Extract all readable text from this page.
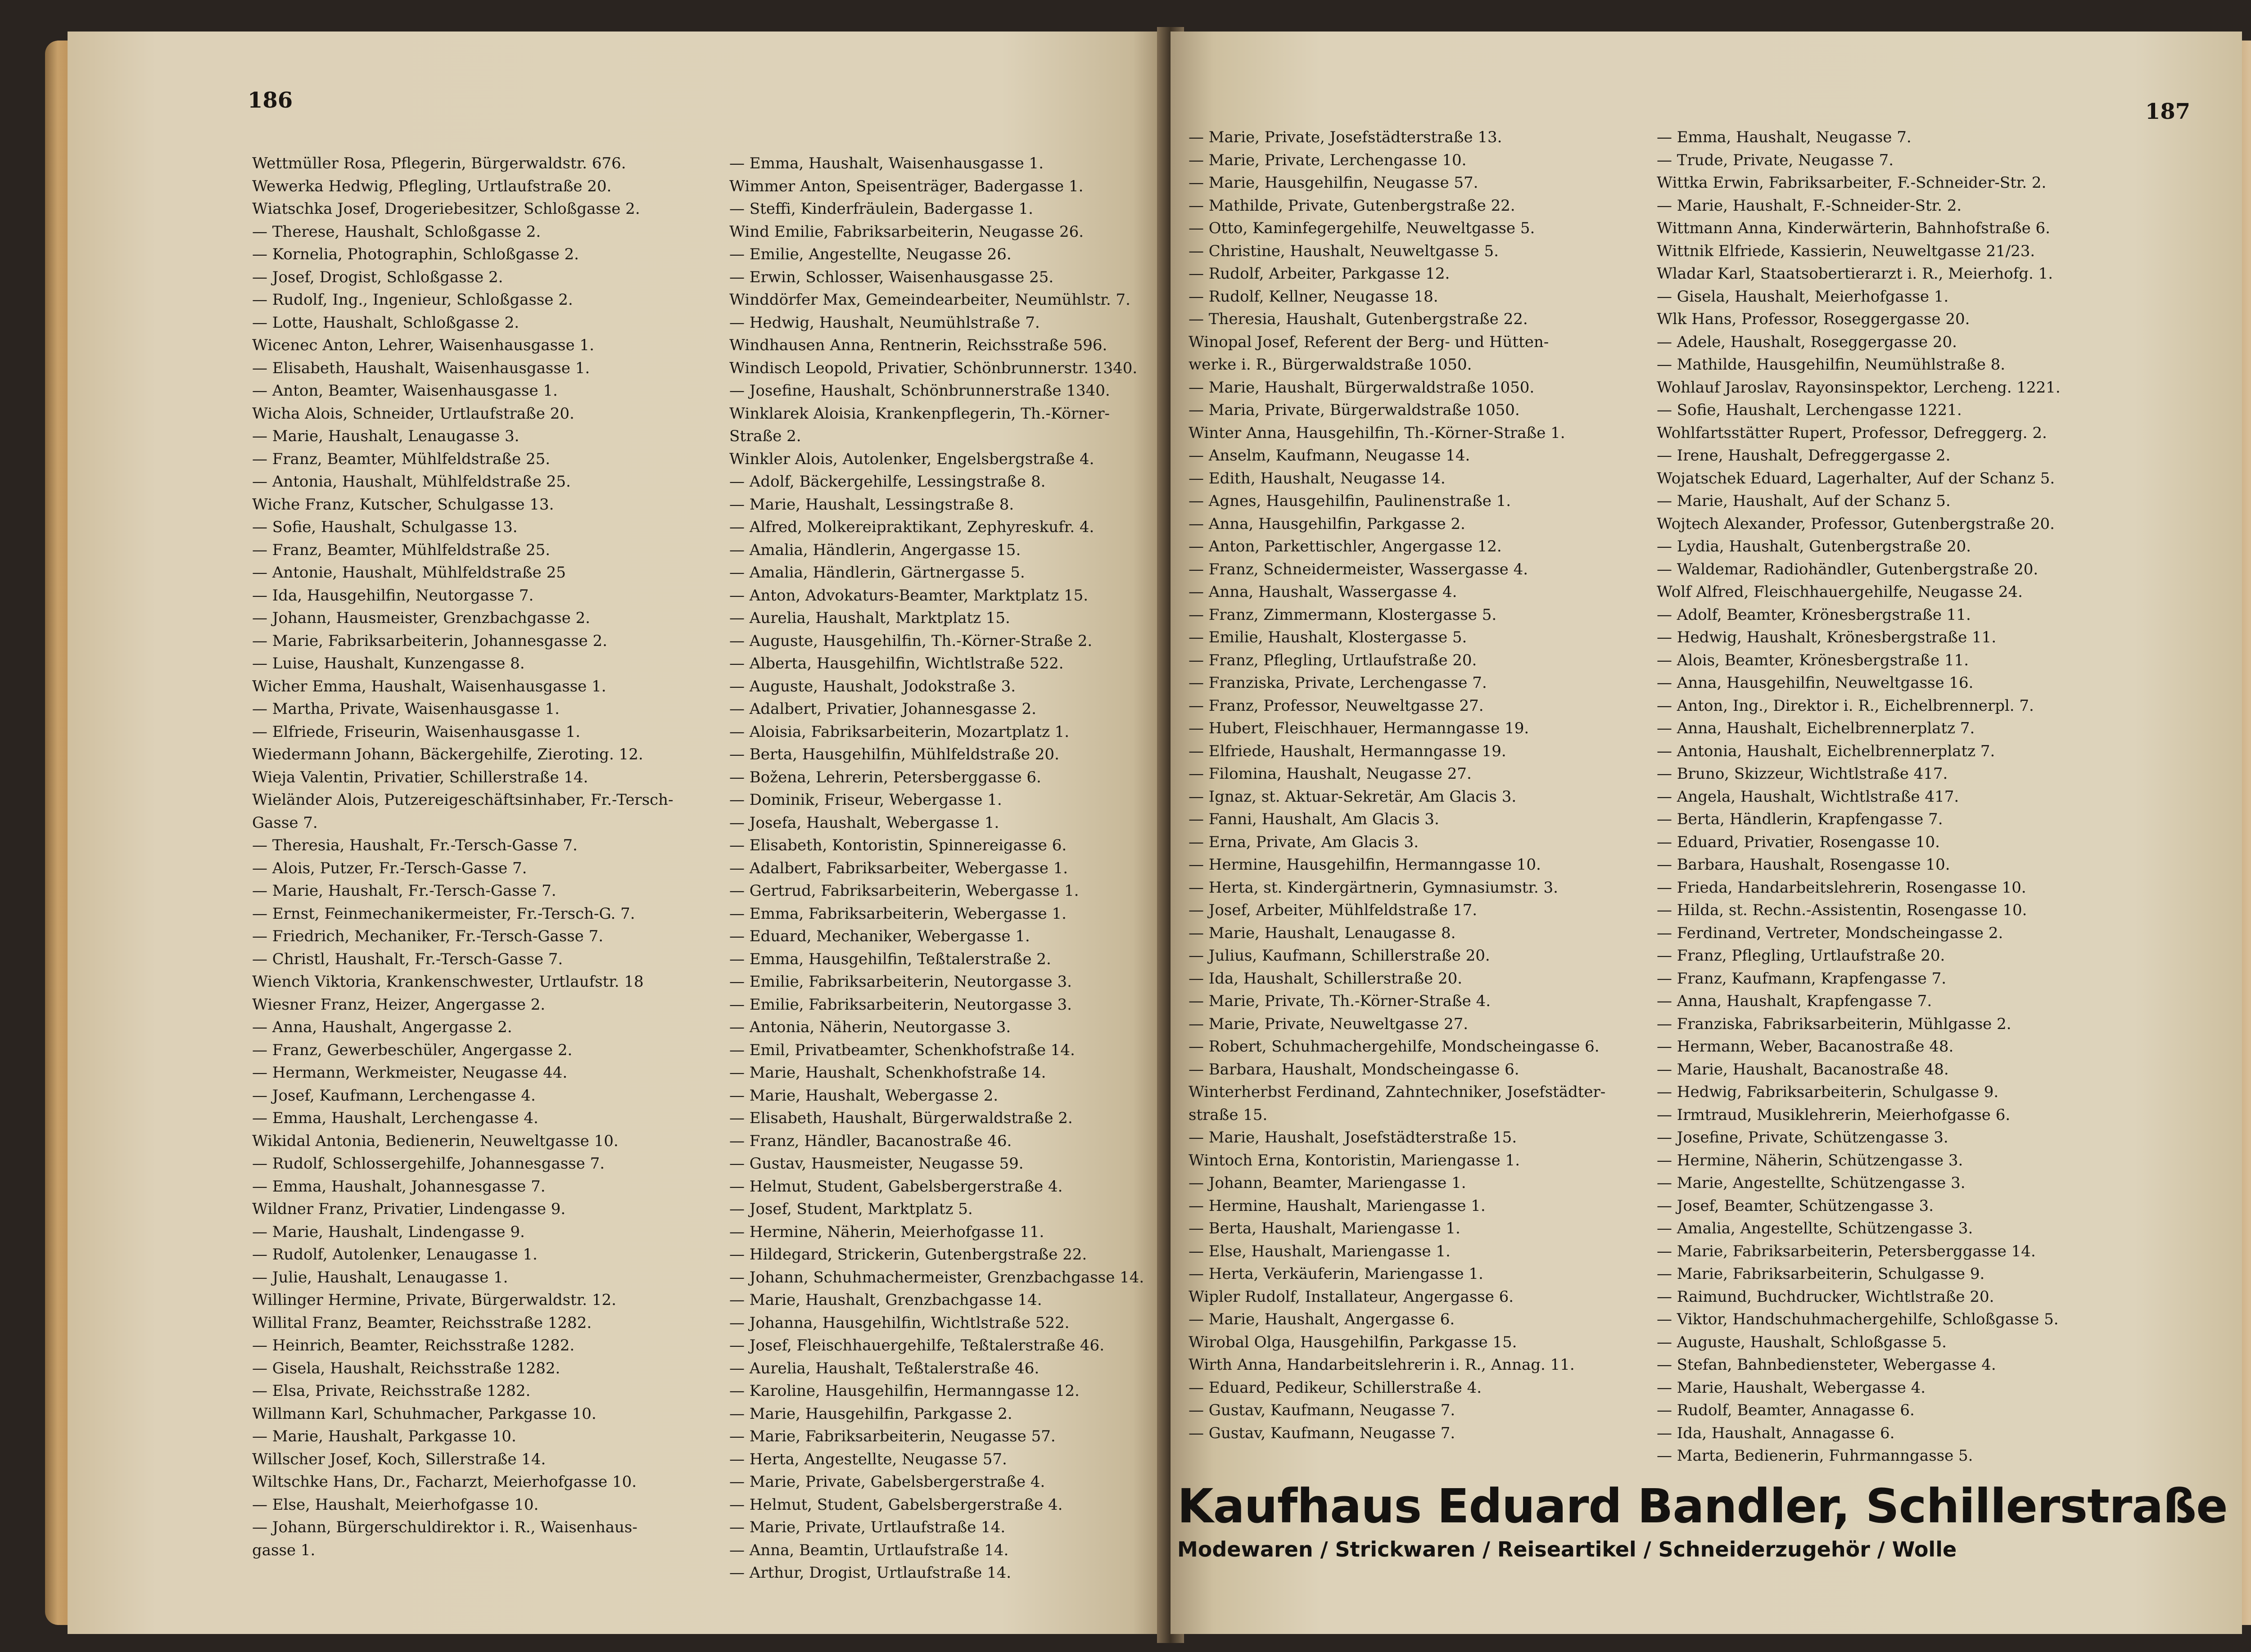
186
Wettmüller Rosa, Pflegerin, Bürgerwaldstr. 676.
Wewerka Hedwig, Pflegling, Urtlaufstraße 20.
Wiatschka Josef, Drogeriebesitzer, Schloßgasse 2.
— Therese, Haushalt, Schloßgasse 2.
— Kornelia, Photographin, Schloßgasse 2.
— Josef, Drogist, Schloßgasse 2.
— Rudolf, Ing., Ingenieur, Schloßgasse 2.
— Lotte, Haushalt, Schloßgasse 2.
Wicenec Anton, Lehrer, Waisenhausgasse 1.
— Elisabeth, Haushalt, Waisenhausgasse 1.
— Anton, Beamter, Waisenhausgasse 1.
Wicha Alois, Schneider, Urtlaufstraße 20.
— Marie, Haushalt, Lenaugasse 3.
— Franz, Beamter, Mühlfeldstraße 25.
— Antonia, Haushalt, Mühlfeldstraße 25.
Wiche Franz, Kutscher, Schulgasse 13.
— Sofie, Haushalt, Schulgasse 13.
— Franz, Beamter, Mühlfeldstraße 25.
— Antonie, Haushalt, Mühlfeldstraße 25
— Ida, Hausgehilfin, Neutorgasse 7.
— Johann, Hausmeister, Grenzbachgasse 2.
— Marie, Fabriksarbeiterin, Johannesgasse 2.
— Luise, Haushalt, Kunzengasse 8.
Wicher Emma, Haushalt, Waisenhausgasse 1.
— Martha, Private, Waisenhausgasse 1.
— Elfriede, Friseurin, Waisenhausgasse 1.
Wiedermann Johann, Bäckergehilfe, Zieroting. 12.
Wieja Valentin, Privatier, Schillerstraße 14.
Wieländer Alois, Putzereigeschäftsinhaber, Fr.-Tersch-
Gasse 7.
— Theresia, Haushalt, Fr.-Tersch-Gasse 7.
— Alois, Putzer, Fr.-Tersch-Gasse 7.
— Marie, Haushalt, Fr.-Tersch-Gasse 7.
— Ernst, Feinmechanikermeister, Fr.-Tersch-G. 7.
— Friedrich, Mechaniker, Fr.-Tersch-Gasse 7.
— Christl, Haushalt, Fr.-Tersch-Gasse 7.
Wiench Viktoria, Krankenschwester, Urtlaufstr. 18
Wiesner Franz, Heizer, Angergasse 2.
— Anna, Haushalt, Angergasse 2.
— Franz, Gewerbeschüler, Angergasse 2.
— Hermann, Werkmeister, Neugasse 44.
— Josef, Kaufmann, Lerchengasse 4.
— Emma, Haushalt, Lerchengasse 4.
Wikidal Antonia, Bedienerin, Neuweltgasse 10.
— Rudolf, Schlossergehilfe, Johannesgasse 7.
— Emma, Haushalt, Johannesgasse 7.
Wildner Franz, Privatier, Lindengasse 9.
— Marie, Haushalt, Lindengasse 9.
— Rudolf, Autolenker, Lenaugasse 1.
— Julie, Haushalt, Lenaugasse 1.
Willinger Hermine, Private, Bürgerwaldstr. 12.
Willital Franz, Beamter, Reichsstraße 1282.
— Heinrich, Beamter, Reichsstraße 1282.
— Gisela, Haushalt, Reichsstraße 1282.
— Elsa, Private, Reichsstraße 1282.
Willmann Karl, Schuhmacher, Parkgasse 10.
— Marie, Haushalt, Parkgasse 10.
Willscher Josef, Koch, Sillerstraße 14.
Wiltschke Hans, Dr., Facharzt, Meierhofgasse 10.
— Else, Haushalt, Meierhofgasse 10.
— Johann, Bürgerschuldirektor i. R., Waisenhaus-
gasse 1.
— Emma, Haushalt, Waisenhausgasse 1.
Wimmer Anton, Speisenträger, Badergasse 1.
— Steffi, Kinderfräulein, Badergasse 1.
Wind Emilie, Fabriksarbeiterin, Neugasse 26.
— Emilie, Angestellte, Neugasse 26.
— Erwin, Schlosser, Waisenhausgasse 25.
Winddörfer Max, Gemeindearbeiter, Neumühlstr. 7.
— Hedwig, Haushalt, Neumühlstraße 7.
Windhausen Anna, Rentnerin, Reichsstraße 596.
Windisch Leopold, Privatier, Schönbrunnerstr. 1340.
— Josefine, Haushalt, Schönbrunnerstraße 1340.
Winklarek Aloisia, Krankenpflegerin, Th.-Körner-
Straße 2.
Winkler Alois, Autolenker, Engelsbergstraße 4.
— Adolf, Bäckergehilfe, Lessingstraße 8.
— Marie, Haushalt, Lessingstraße 8.
— Alfred, Molkereipraktikant, Zephyreskufr. 4.
— Amalia, Händlerin, Angergasse 15.
— Amalia, Händlerin, Gärtnergasse 5.
— Anton, Advokaturs-Beamter, Marktplatz 15.
— Aurelia, Haushalt, Marktplatz 15.
— Auguste, Hausgehilfin, Th.-Körner-Straße 2.
— Alberta, Hausgehilfin, Wichtlstraße 522.
— Auguste, Haushalt, Jodokstraße 3.
— Adalbert, Privatier, Johannesgasse 2.
— Aloisia, Fabriksarbeiterin, Mozartplatz 1.
— Berta, Hausgehilfin, Mühlfeldstraße 20.
— Božena, Lehrerin, Petersberggasse 6.
— Dominik, Friseur, Webergasse 1.
— Josefa, Haushalt, Webergasse 1.
— Elisabeth, Kontoristin, Spinnereigasse 6.
— Adalbert, Fabriksarbeiter, Webergasse 1.
— Gertrud, Fabriksarbeiterin, Webergasse 1.
— Emma, Fabriksarbeiterin, Webergasse 1.
— Eduard, Mechaniker, Webergasse 1.
— Emma, Hausgehilfin, Teßtalerstraße 2.
— Emilie, Fabriksarbeiterin, Neutorgasse 3.
— Emilie, Fabriksarbeiterin, Neutorgasse 3.
— Antonia, Näherin, Neutorgasse 3.
— Emil, Privatbeamter, Schenkhofstraße 14.
— Marie, Haushalt, Schenkhofstraße 14.
— Marie, Haushalt, Webergasse 2.
— Elisabeth, Haushalt, Bürgerwaldstraße 2.
— Franz, Händler, Bacanostraße 46.
— Gustav, Hausmeister, Neugasse 59.
— Helmut, Student, Gabelsbergerstraße 4.
— Josef, Student, Marktplatz 5.
— Hermine, Näherin, Meierhofgasse 11.
— Hildegard, Strickerin, Gutenbergstraße 22.
— Johann, Schuhmachermeister, Grenzbachgasse 14.
— Marie, Haushalt, Grenzbachgasse 14.
— Johanna, Hausgehilfin, Wichtlstraße 522.
— Josef, Fleischhauergehilfe, Teßtalerstraße 46.
— Aurelia, Haushalt, Teßtalerstraße 46.
— Karoline, Hausgehilfin, Hermanngasse 12.
— Marie, Hausgehilfin, Parkgasse 2.
— Marie, Fabriksarbeiterin, Neugasse 57.
— Herta, Angestellte, Neugasse 57.
— Marie, Private, Gabelsbergerstraße 4.
— Helmut, Student, Gabelsbergerstraße 4.
— Marie, Private, Urtlaufstraße 14.
— Anna, Beamtin, Urtlaufstraße 14.
— Arthur, Drogist, Urtlaufstraße 14.
187
— Marie, Private, Josefstädterstraße 13.
— Marie, Private, Lerchengasse 10.
— Marie, Hausgehilfin, Neugasse 57.
— Mathilde, Private, Gutenbergstraße 22.
— Otto, Kaminfegergehilfe, Neuweltgasse 5.
— Christine, Haushalt, Neuweltgasse 5.
— Rudolf, Arbeiter, Parkgasse 12.
— Rudolf, Kellner, Neugasse 18.
— Theresia, Haushalt, Gutenbergstraße 22.
Winopal Josef, Referent der Berg- und Hütten-
werke i. R., Bürgerwaldstraße 1050.
— Marie, Haushalt, Bürgerwaldstraße 1050.
— Maria, Private, Bürgerwaldstraße 1050.
Winter Anna, Hausgehilfin, Th.-Körner-Straße 1.
— Anselm, Kaufmann, Neugasse 14.
— Edith, Haushalt, Neugasse 14.
— Agnes, Hausgehilfin, Paulinenstraße 1.
— Anna, Hausgehilfin, Parkgasse 2.
— Anton, Parkettischler, Angergasse 12.
— Franz, Schneidermeister, Wassergasse 4.
— Anna, Haushalt, Wassergasse 4.
— Franz, Zimmermann, Klostergasse 5.
— Emilie, Haushalt, Klostergasse 5.
— Franz, Pflegling, Urtlaufstraße 20.
— Franziska, Private, Lerchengasse 7.
— Franz, Professor, Neuweltgasse 27.
— Hubert, Fleischhauer, Hermanngasse 19.
— Elfriede, Haushalt, Hermanngasse 19.
— Filomina, Haushalt, Neugasse 27.
— Ignaz, st. Aktuar-Sekretär, Am Glacis 3.
— Fanni, Haushalt, Am Glacis 3.
— Erna, Private, Am Glacis 3.
— Hermine, Hausgehilfin, Hermanngasse 10.
— Herta, st. Kindergärtnerin, Gymnasiumstr. 3.
— Josef, Arbeiter, Mühlfeldstraße 17.
— Marie, Haushalt, Lenaugasse 8.
— Julius, Kaufmann, Schillerstraße 20.
— Ida, Haushalt, Schillerstraße 20.
— Marie, Private, Th.-Körner-Straße 4.
— Marie, Private, Neuweltgasse 27.
— Robert, Schuhmachergehilfe, Mondscheingasse 6.
— Barbara, Haushalt, Mondscheingasse 6.
Winterherbst Ferdinand, Zahntechniker, Josefstädter-
straße 15.
— Marie, Haushalt, Josefstädterstraße 15.
Wintoch Erna, Kontoristin, Mariengasse 1.
— Johann, Beamter, Mariengasse 1.
— Hermine, Haushalt, Mariengasse 1.
— Berta, Haushalt, Mariengasse 1.
— Else, Haushalt, Mariengasse 1.
— Herta, Verkäuferin, Mariengasse 1.
Wipler Rudolf, Installateur, Angergasse 6.
— Marie, Haushalt, Angergasse 6.
Wirobal Olga, Hausgehilfin, Parkgasse 15.
Wirth Anna, Handarbeitslehrerin i. R., Annag. 11.
— Eduard, Pedikeur, Schillerstraße 4.
— Gustav, Kaufmann, Neugasse 7.
— Gustav, Kaufmann, Neugasse 7.
— Emma, Haushalt, Neugasse 7.
— Trude, Private, Neugasse 7.
Wittka Erwin, Fabriksarbeiter, F.-Schneider-Str. 2.
— Marie, Haushalt, F.-Schneider-Str. 2.
Wittmann Anna, Kinderwärterin, Bahnhofstraße 6.
Wittnik Elfriede, Kassierin, Neuweltgasse 21/23.
Wladar Karl, Staatsobertierarzt i. R., Meierhofg. 1.
— Gisela, Haushalt, Meierhofgasse 1.
Wlk Hans, Professor, Roseggergasse 20.
— Adele, Haushalt, Roseggergasse 20.
— Mathilde, Hausgehilfin, Neumühlstraße 8.
Wohlauf Jaroslav, Rayonsinspektor, Lercheng. 1221.
— Sofie, Haushalt, Lerchengasse 1221.
Wohlfartsstätter Rupert, Professor, Defreggerg. 2.
— Irene, Haushalt, Defreggergasse 2.
Wojatschek Eduard, Lagerhalter, Auf der Schanz 5.
— Marie, Haushalt, Auf der Schanz 5.
Wojtech Alexander, Professor, Gutenbergstraße 20.
— Lydia, Haushalt, Gutenbergstraße 20.
— Waldemar, Radiohändler, Gutenbergstraße 20.
Wolf Alfred, Fleischhauergehilfe, Neugasse 24.
— Adolf, Beamter, Krönesbergstraße 11.
— Hedwig, Haushalt, Krönesbergstraße 11.
— Alois, Beamter, Krönesbergstraße 11.
— Anna, Hausgehilfin, Neuweltgasse 16.
— Anton, Ing., Direktor i. R., Eichelbrennerpl. 7.
— Anna, Haushalt, Eichelbrennerplatz 7.
— Antonia, Haushalt, Eichelbrennerplatz 7.
— Bruno, Skizzeur, Wichtlstraße 417.
— Angela, Haushalt, Wichtlstraße 417.
— Berta, Händlerin, Krapfengasse 7.
— Eduard, Privatier, Rosengasse 10.
— Barbara, Haushalt, Rosengasse 10.
— Frieda, Handarbeitslehrerin, Rosengasse 10.
— Hilda, st. Rechn.-Assistentin, Rosengasse 10.
— Ferdinand, Vertreter, Mondscheingasse 2.
— Franz, Pflegling, Urtlaufstraße 20.
— Franz, Kaufmann, Krapfengasse 7.
— Anna, Haushalt, Krapfengasse 7.
— Franziska, Fabriksarbeiterin, Mühlgasse 2.
— Hermann, Weber, Bacanostraße 48.
— Marie, Haushalt, Bacanostraße 48.
— Hedwig, Fabriksarbeiterin, Schulgasse 9.
— Irmtraud, Musiklehrerin, Meierhofgasse 6.
— Josefine, Private, Schützengasse 3.
— Hermine, Näherin, Schützengasse 3.
— Marie, Angestellte, Schützengasse 3.
— Josef, Beamter, Schützengasse 3.
— Amalia, Angestellte, Schützengasse 3.
— Marie, Fabriksarbeiterin, Petersberggasse 14.
— Marie, Fabriksarbeiterin, Schulgasse 9.
— Raimund, Buchdrucker, Wichtlstraße 20.
— Viktor, Handschuhmachergehilfe, Schloßgasse 5.
— Auguste, Haushalt, Schloßgasse 5.
— Stefan, Bahnbediensteter, Webergasse 4.
— Marie, Haushalt, Webergasse 4.
— Rudolf, Beamter, Annagasse 6.
— Ida, Haushalt, Annagasse 6.
— Marta, Bedienerin, Fuhrmanngasse 5.
Kaufhaus Eduard Bandler, Schillerstraße
Modewaren / Strickwaren / Reiseartikel / Schneiderzugehör / Wolle
